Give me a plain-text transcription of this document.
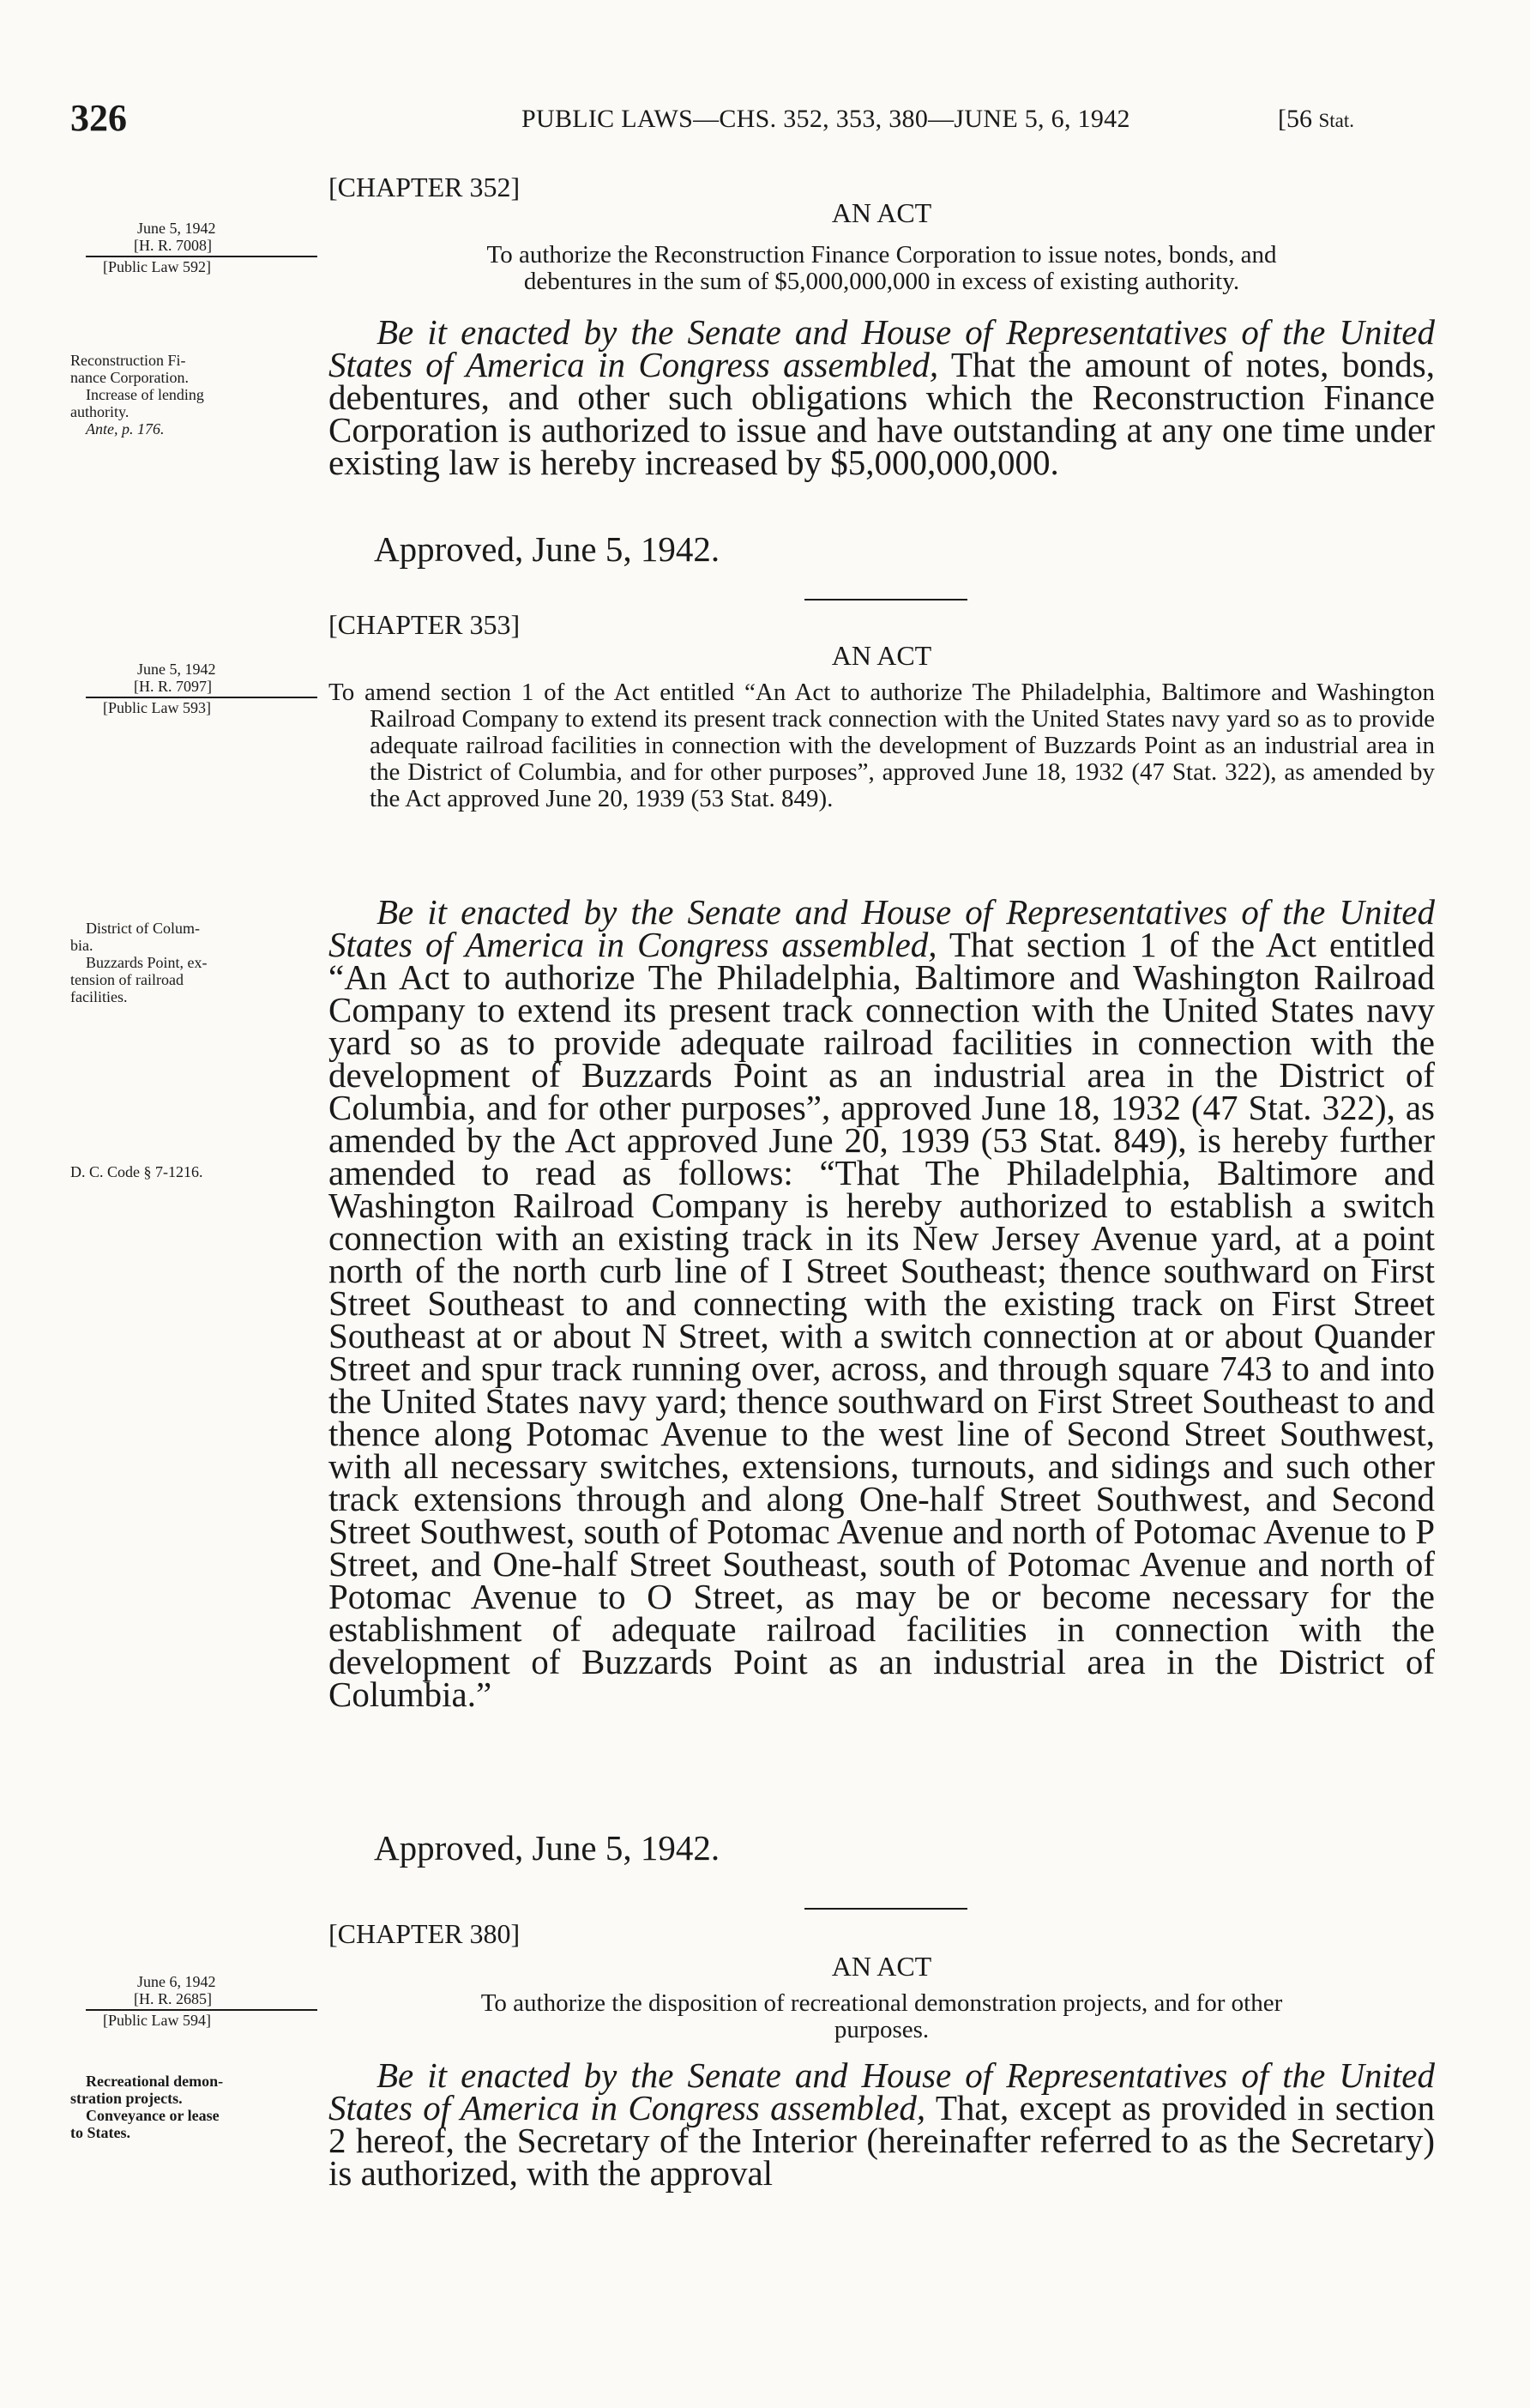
326	PUBLIC LAWS—CHS. 352, 353, 380—JUNE 5, 6, 1942	[56 Stat.
[CHAPTER 352]
AN ACT
To authorize the Reconstruction Finance Corporation to issue notes, bonds, and
debentures in the sum of $5,000,000,000 in excess of existing authority.
June 5, 1942
[H. R. 7008]
[Public Law 592]
Reconstruction Fi-
nance Corporation.
Increase of lending
authority.
Ante, p. 176.

Be it enacted by the Senate and House of Representatives of the United States of America in Congress assembled, That the amount of notes, bonds, debentures, and other such obligations which the Reconstruction Finance Corporation is authorized to issue and have outstanding at any one time under existing law is hereby increased by $5,000,000,000.

Approved, June 5, 1942.
[CHAPTER 353]
AN ACT
To amend section 1 of the Act entitled “An Act to authorize The Philadelphia, Baltimore and Washington Railroad Company to extend its present track connection with the United States navy yard so as to provide adequate railroad facilities in connection with the development of Buzzards Point as an industrial area in the District of Columbia, and for other purposes”, approved June 18, 1932 (47 Stat. 322), as amended by the Act approved June 20, 1939 (53 Stat. 849).
June 5, 1942
[H. R. 7097]
[Public Law 593]
District of Colum-
bia.
Buzzards Point, ex-
tension of railroad
facilities.
D. C. Code § 7-1216.

Be it enacted by the Senate and House of Representatives of the United States of America in Congress assembled, That section 1 of the Act entitled “An Act to authorize The Philadelphia, Baltimore and Washington Railroad Company to extend its present track connection with the United States navy yard so as to provide adequate railroad facilities in connection with the development of Buzzards Point as an industrial area in the District of Columbia, and for other purposes”, approved June 18, 1932 (47 Stat. 322), as amended by the Act approved June 20, 1939 (53 Stat. 849), is hereby further amended to read as follows: “That The Philadelphia, Baltimore and Washington Railroad Company is hereby authorized to establish a switch connection with an existing track in its New Jersey Avenue yard, at a point north of the north curb line of I Street Southeast; thence southward on First Street Southeast to and connecting with the existing track on First Street Southeast at or about N Street, with a switch connection at or about Quander Street and spur track running over, across, and through square 743 to and into the United States navy yard; thence southward on First Street Southeast to and thence along Potomac Avenue to the west line of Second Street Southwest, with all necessary switches, extensions, turnouts, and sidings and such other track extensions through and along One-half Street Southwest, and Second Street Southwest, south of Potomac Avenue and north of Potomac Avenue to P Street, and One-half Street Southeast, south of Potomac Avenue and north of Potomac Avenue to O Street, as may be or become necessary for the establishment of adequate railroad facilities in connection with the development of Buzzards Point as an industrial area in the District of Columbia.”

Approved, June 5, 1942.
[CHAPTER 380]
AN ACT
To authorize the disposition of recreational demonstration projects, and for other
purposes.
June 6, 1942
[H. R. 2685]
[Public Law 594]
Recreational demon-
stration projects.
Conveyance or lease
to States.

Be it enacted by the Senate and House of Representatives of the United States of America in Congress assembled, That, except as provided in section 2 hereof, the Secretary of the Interior (hereinafter referred to as the Secretary) is authorized, with the approval
